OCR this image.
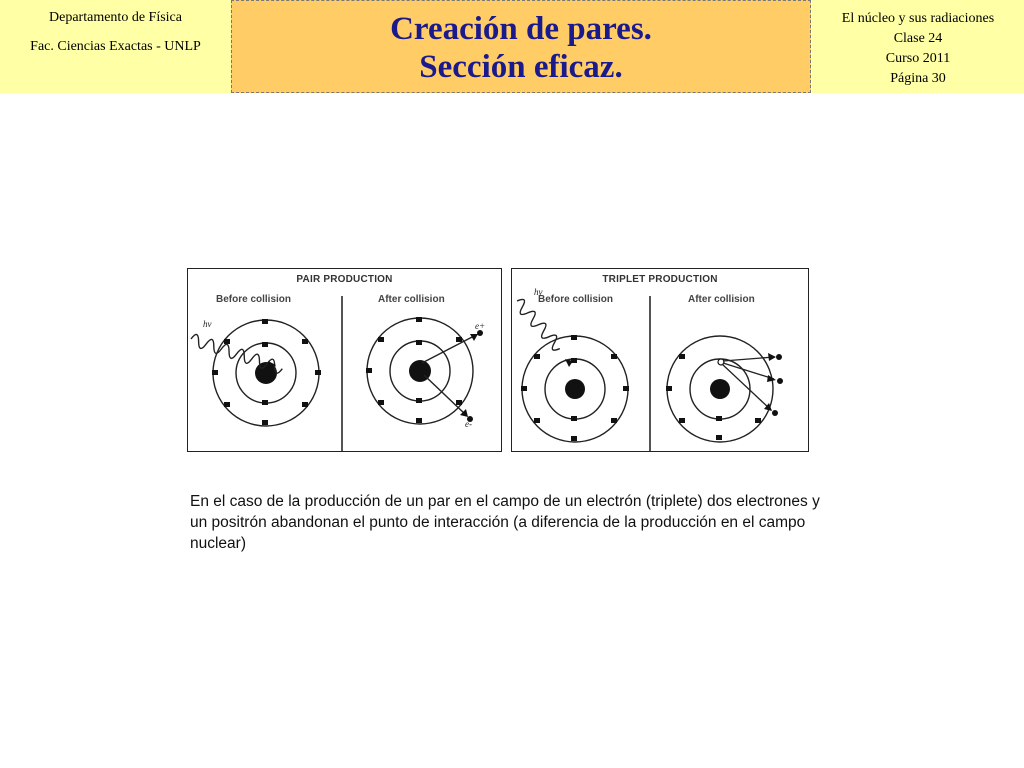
Departamento de Física
Fac. Ciencias Exactas - UNLP	Creación de pares.
Sección eficaz.
El núcleo y sus radiaciones
Clase 24
Curso 2011
Página 30
PAIR PRODUCTION
Before collision	After collision
hν	e+
e-
TRIPLET PRODUCTION
Before collision	After collision
hν
En el caso de la producción de un par en el campo de un electrón (triplete) dos electrones y un positrón abandonan el punto de interacción (a diferencia de la producción en el campo nuclear)
